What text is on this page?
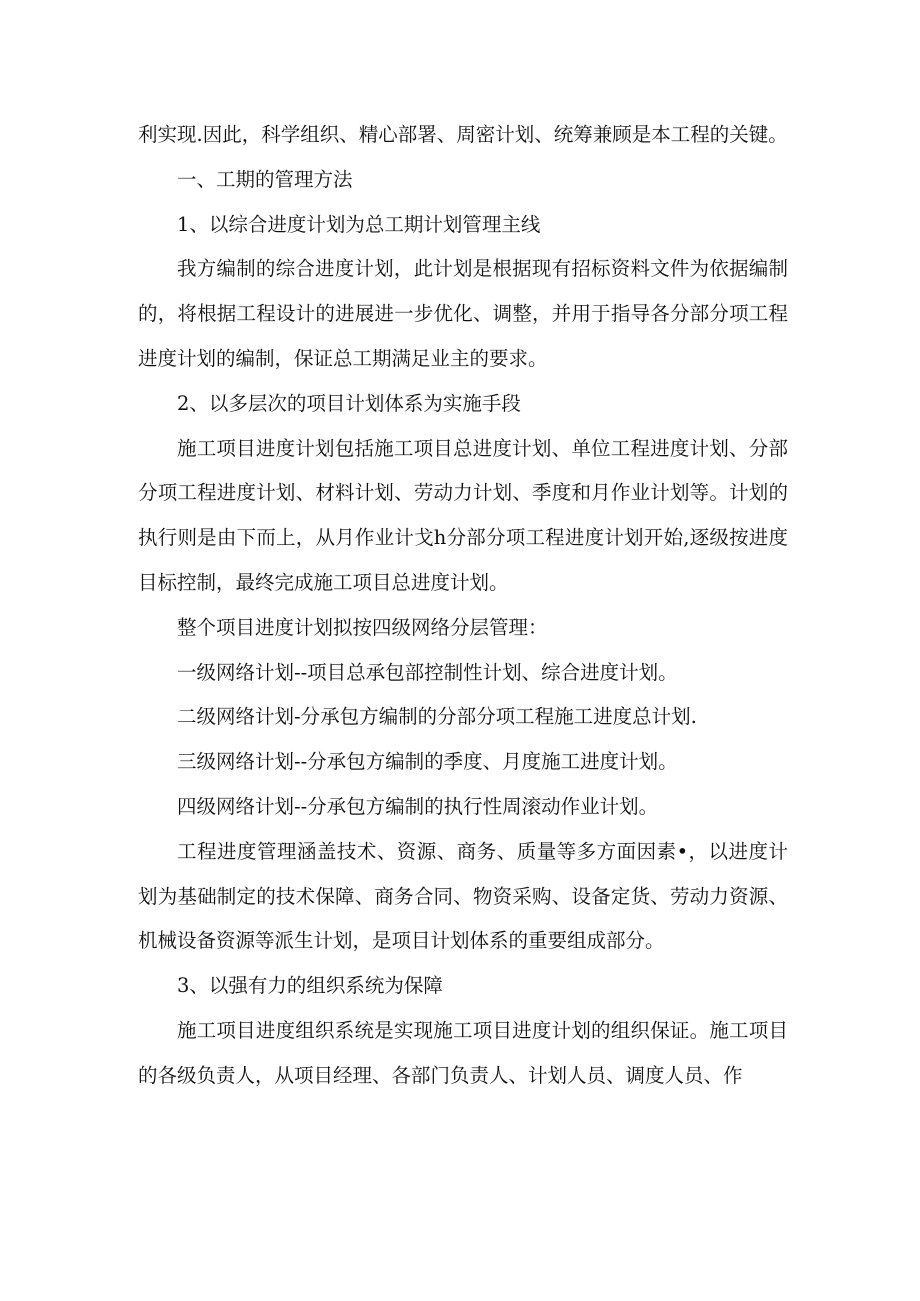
利实现.因此，科学组织、精心部署、周密计划、统筹兼顾是本工程的关键。

一、工期的管理方法

1、以综合进度计划为总工期计划管理主线

我方编制的综合进度计划，此计划是根据现有招标资料文件为依据编制的，将根据工程设计的进展进一步优化、调整，并用于指导各分部分项工程进度计划的编制，保证总工期满足业主的要求。

2、以多层次的项目计划体系为实施手段

施工项目进度计划包括施工项目总进度计划、单位工程进度计划、分部分项工程进度计划、材料计划、劳动力计划、季度和月作业计划等。计划的执行则是由下而上，从月作业计戈h分部分项工程进度计划开始,逐级按进度目标控制，最终完成施工项目总进度计划。

整个项目进度计划拟按四级网络分层管理：

一级网络计划--项目总承包部控制性计划、综合进度计划。

二级网络计划-分承包方编制的分部分项工程施工进度总计划.

三级网络计划--分承包方编制的季度、月度施工进度计划。

四级网络计划--分承包方编制的执行性周滚动作业计划。

工程进度管理涵盖技术、资源、商务、质量等多方面因素•，以进度计划为基础制定的技术保障、商务合同、物资采购、设备定货、劳动力资源、机械设备资源等派生计划，是项目计划体系的重要组成部分。

3、以强有力的组织系统为保障

施工项目进度组织系统是实现施工项目进度计划的组织保证。施工项目的各级负责人，从项目经理、各部门负责人、计划人员、调度人员、作
